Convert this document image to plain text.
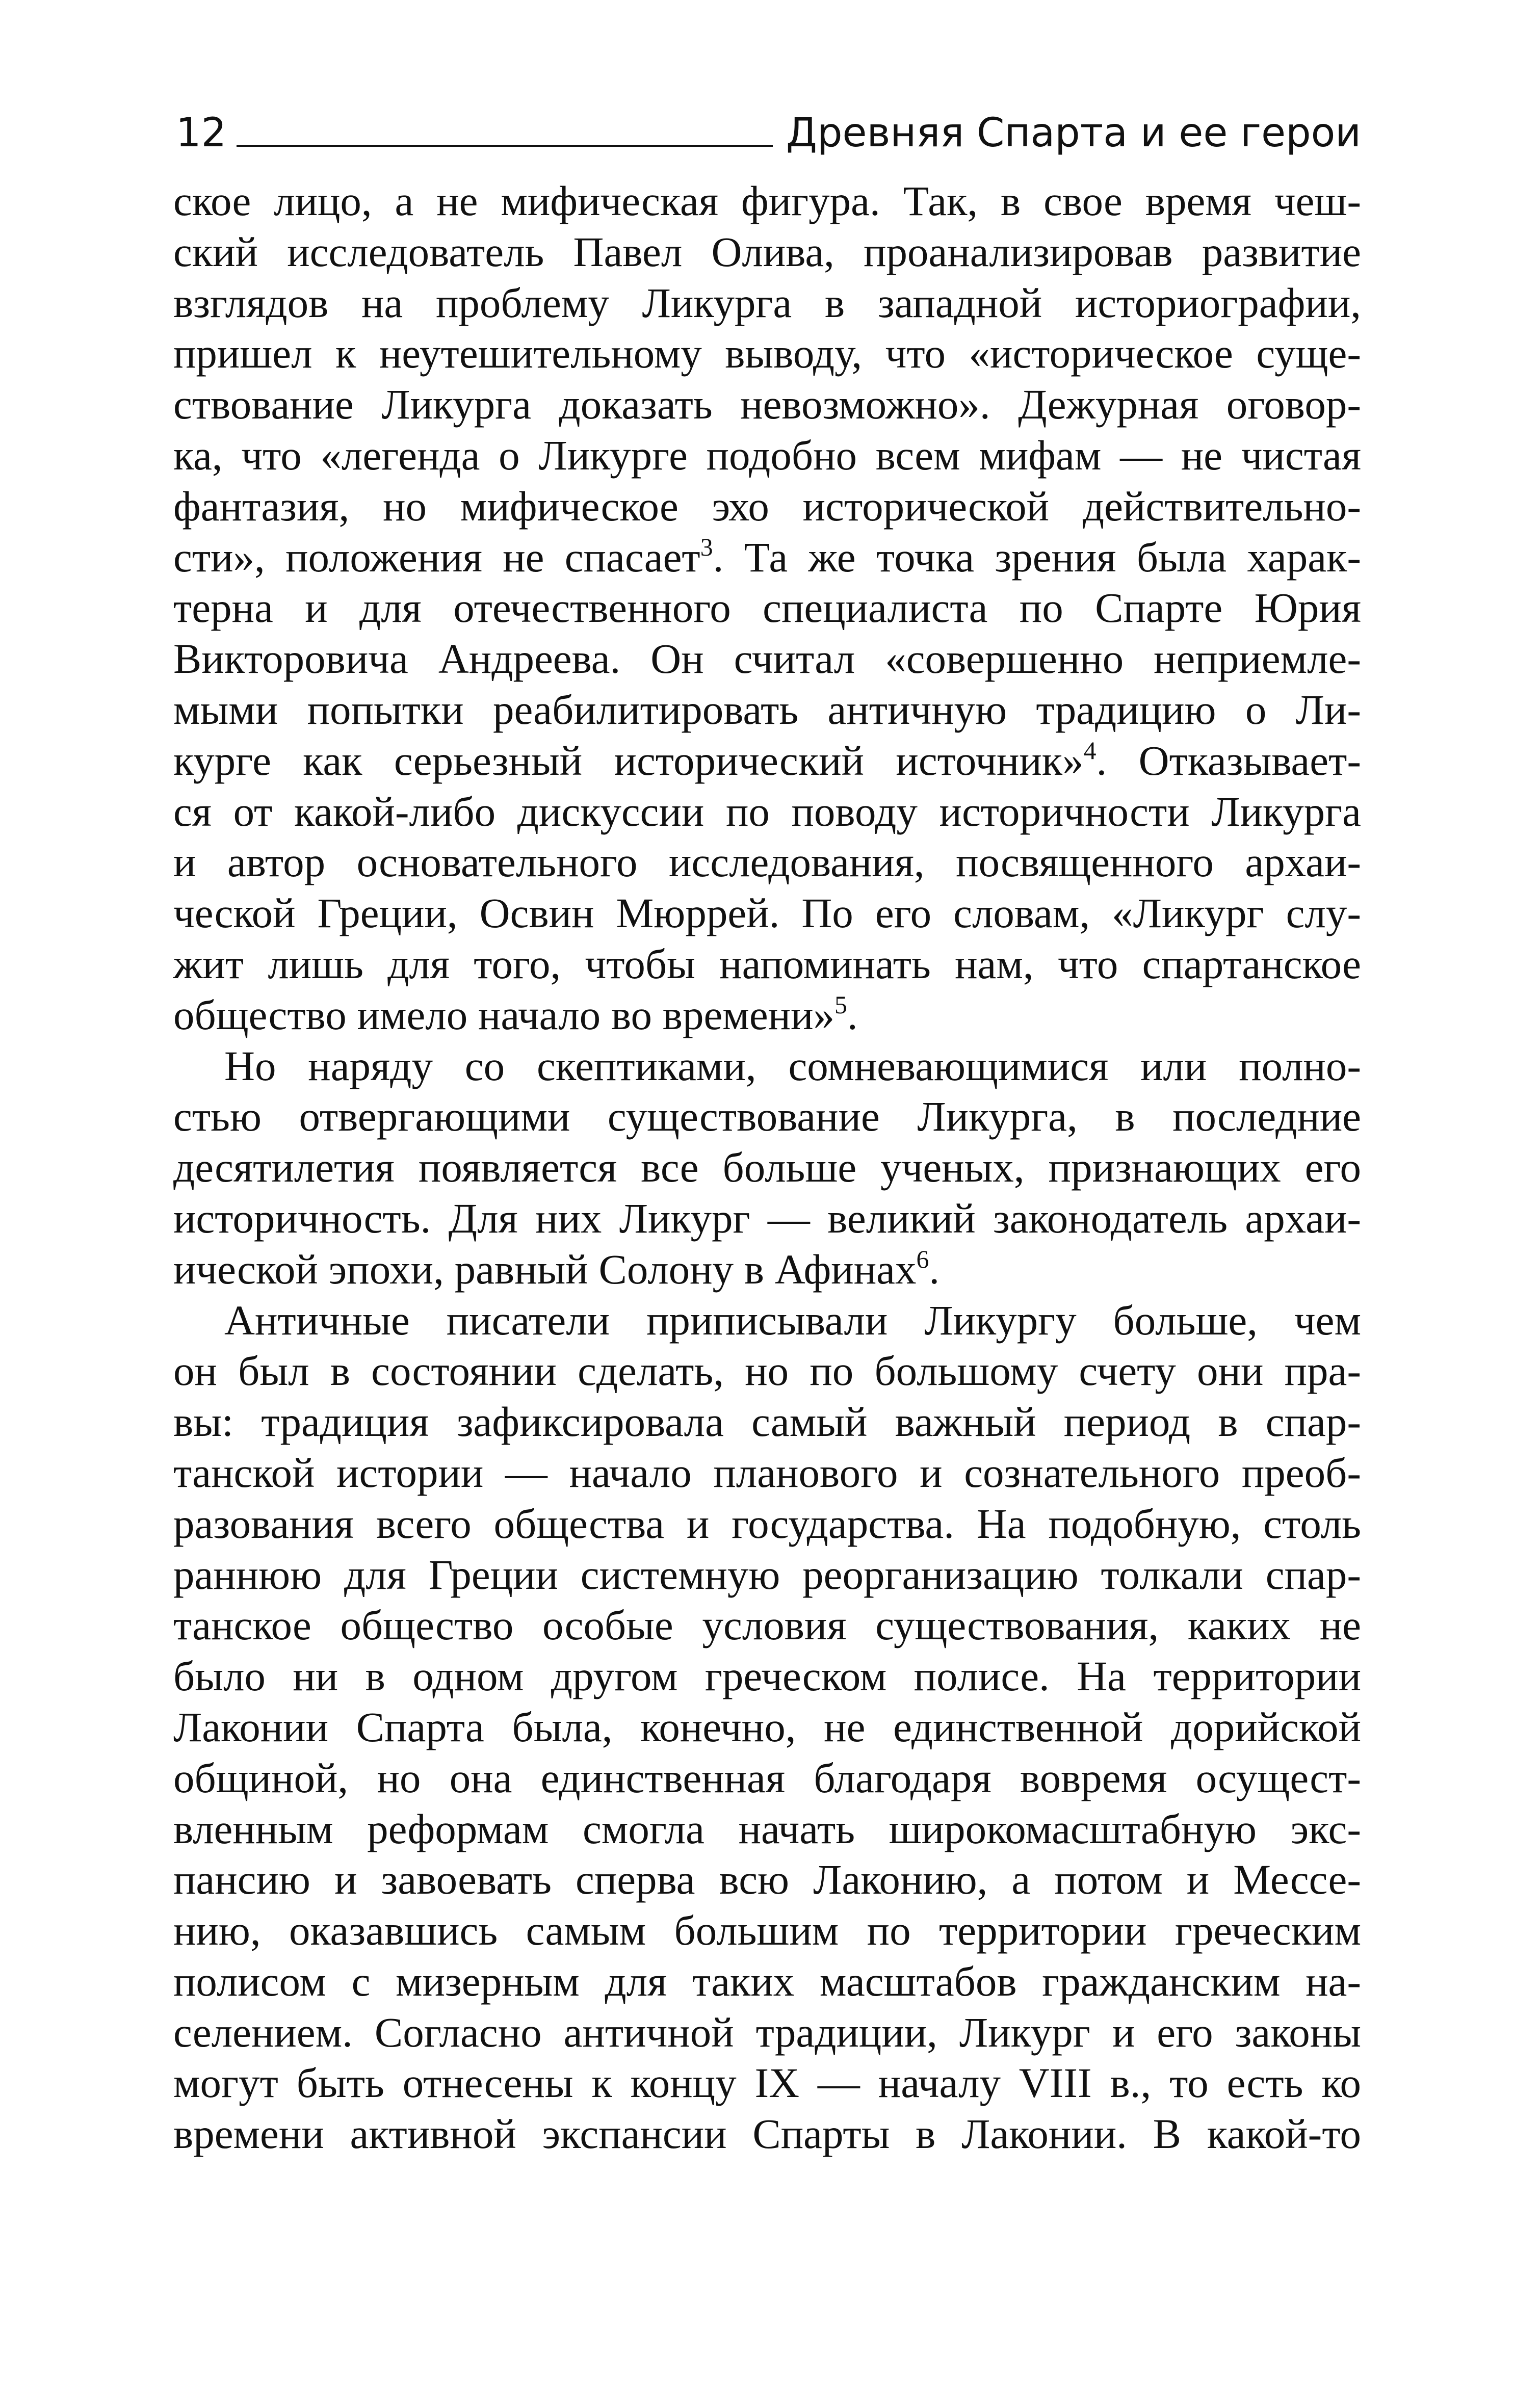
12	Древняя Спарта и ее герои
ское лицо, а не мифическая фигура. Так, в свое время чеш-
ский исследователь Павел Олива, проанализировав развитие
взглядов на проблему Ликурга в западной историографии,
пришел к неутешительному выводу, что «историческое суще-
ствование Ликурга доказать невозможно». Дежурная оговор-
ка, что «легенда о Ликурге подобно всем мифам — не чистая
фантазия, но мифическое эхо исторической действительно-
сти», положения не спасает$^3$. Та же точка зрения была харак-
терна и для отечественного специалиста по Спарте Юрия
Викторовича Андреева. Он считал «совершенно неприемле-
мыми попытки реабилитировать античную традицию о Ли-
курге как серьезный исторический источник»$^4$. Отказывает-
ся от какой-либо дискуссии по поводу историчности Ликурга
и автор основательного исследования, посвященного архаи-
ческой Греции, Освин Мюррей. По его словам, «Ликург слу-
жит лишь для того, чтобы напоминать нам, что спартанское
общество имело начало во времени»$^5$.
Но наряду со скептиками, сомневающимися или полно-
стью отвергающими существование Ликурга, в последние
десятилетия появляется все больше ученых, признающих его
историчность. Для них Ликург — великий законодатель архаи-
ической эпохи, равный Солону в Афинах$^6$.
Античные писатели приписывали Ликургу больше, чем
он был в состоянии сделать, но по большому счету они пра-
вы: традиция зафиксировала самый важный период в спар-
танской истории — начало планового и сознательного преоб-
разования всего общества и государства. На подобную, столь
раннюю для Греции системную реорганизацию толкали спар-
танское общество особые условия существования, каких не
было ни в одном другом греческом полисе. На территории
Лаконии Спарта была, конечно, не единственной дорийской
общиной, но она единственная благодаря вовремя осущест-
вленным реформам смогла начать широкомасштабную экс-
пансию и завоевать сперва всю Лаконию, а потом и Мессе-
нию, оказавшись самым большим по территории греческим
полисом с мизерным для таких масштабов гражданским на-
селением. Согласно античной традиции, Ликург и его законы
могут быть отнесены к концу IX — началу VIII в., то есть ко
времени активной экспансии Спарты в Лаконии. В какой-то
